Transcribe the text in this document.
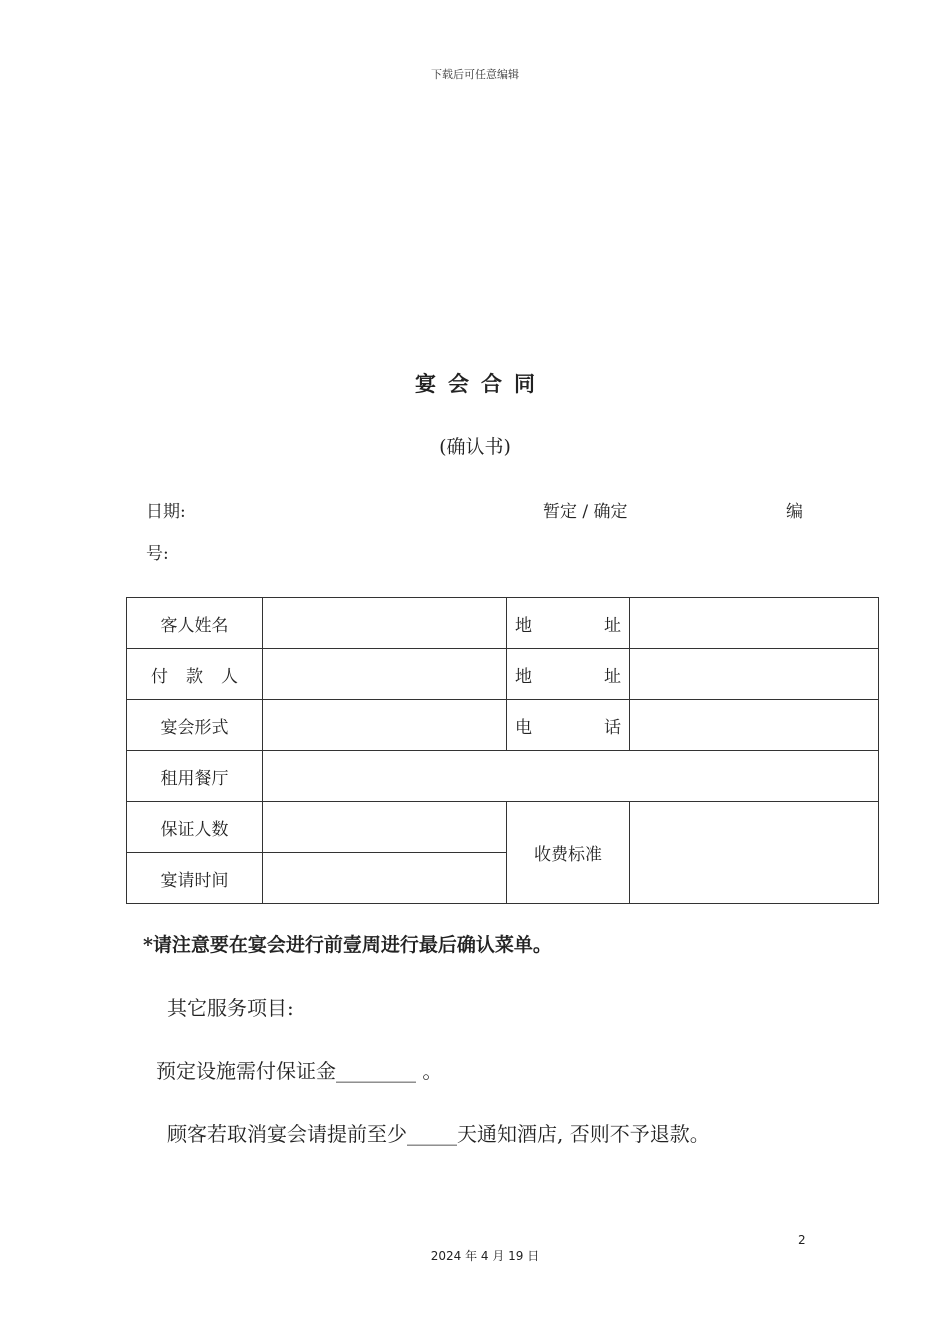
下载后可任意编辑
宴会合同
(确认书)
日期:	暂定 / 确定	编
号:
客人姓名		地址	
付款人		地址	
宴会形式		电话	
租用餐厅			
保证人数		收费标准	
宴请时间			
*请注意要在宴会进行前壹周进行最后确认菜单。
其它服务项目:
预定设施需付保证金________ 。
顾客若取消宴会请提前至少_____天通知酒店, 否则不予退款。
2
2024 年 4 月 19 日
